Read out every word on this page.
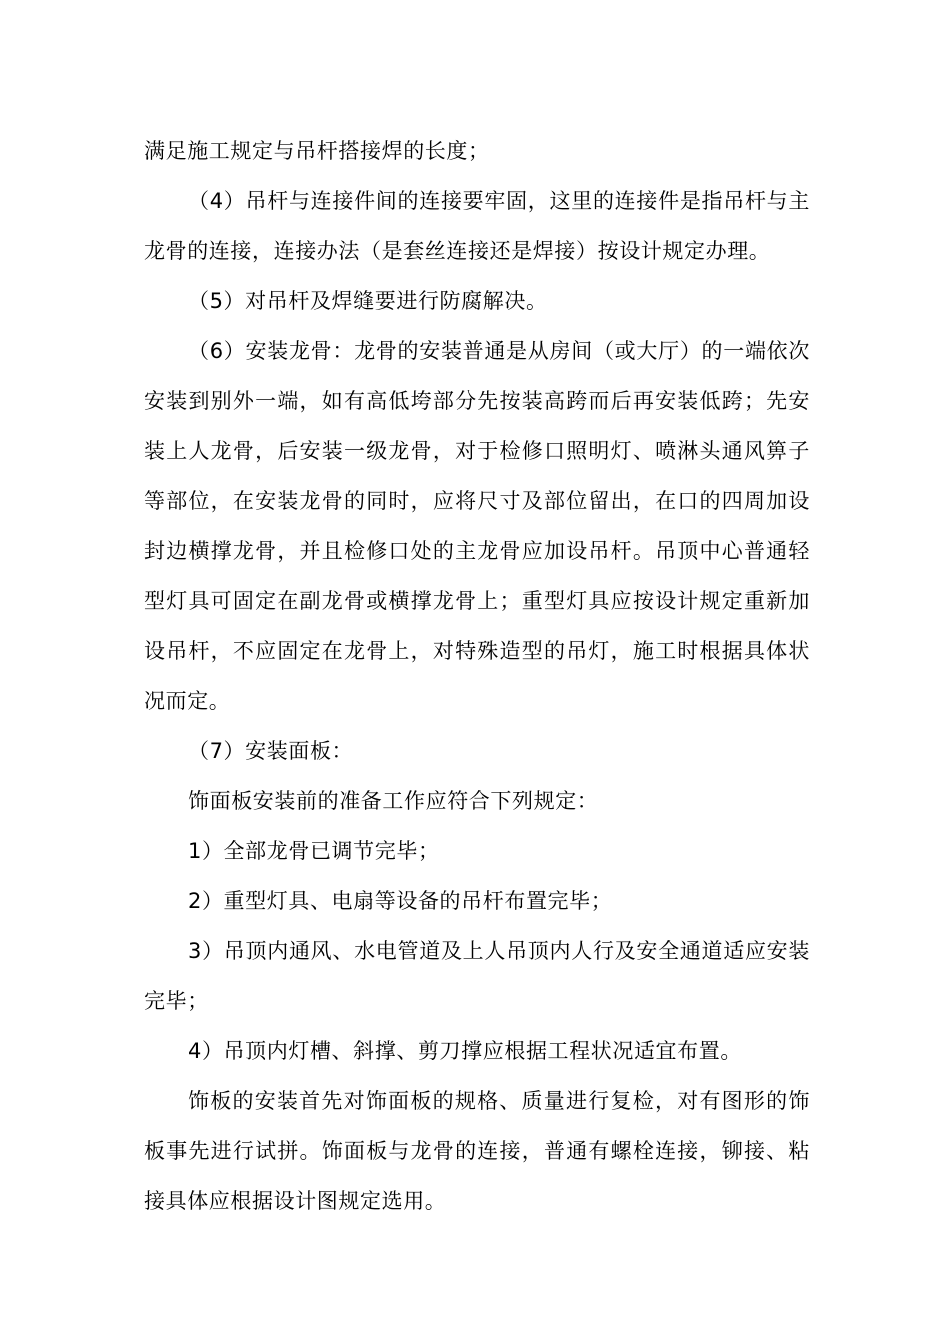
满足施工规定与吊杆搭接焊的长度；

（4）吊杆与连接件间的连接要牢固，这里的连接件是指吊杆与主龙骨的连接，连接办法（是套丝连接还是焊接）按设计规定办理。

（5）对吊杆及焊缝要进行防腐解决。

（6）安装龙骨：龙骨的安装普通是从房间（或大厅）的一端依次安装到别外一端，如有高低垮部分先按装高跨而后再安装低跨；先安装上人龙骨，后安装一级龙骨，对于检修口照明灯、喷淋头通风箅子等部位，在安装龙骨的同时，应将尺寸及部位留出，在口的四周加设封边横撑龙骨，并且检修口处的主龙骨应加设吊杆。吊顶中心普通轻型灯具可固定在副龙骨或横撑龙骨上；重型灯具应按设计规定重新加设吊杆，不应固定在龙骨上，对特殊造型的吊灯，施工时根据具体状况而定。

（7）安装面板：

饰面板安装前的准备工作应符合下列规定：

1）全部龙骨已调节完毕；

2）重型灯具、电扇等设备的吊杆布置完毕；

3）吊顶内通风、水电管道及上人吊顶内人行及安全通道适应安装完毕；

4）吊顶内灯槽、斜撑、剪刀撑应根据工程状况适宜布置。

饰板的安装首先对饰面板的规格、质量进行复检，对有图形的饰板事先进行试拼。饰面板与龙骨的连接，普通有螺栓连接，铆接、粘接具体应根据设计图规定选用。
